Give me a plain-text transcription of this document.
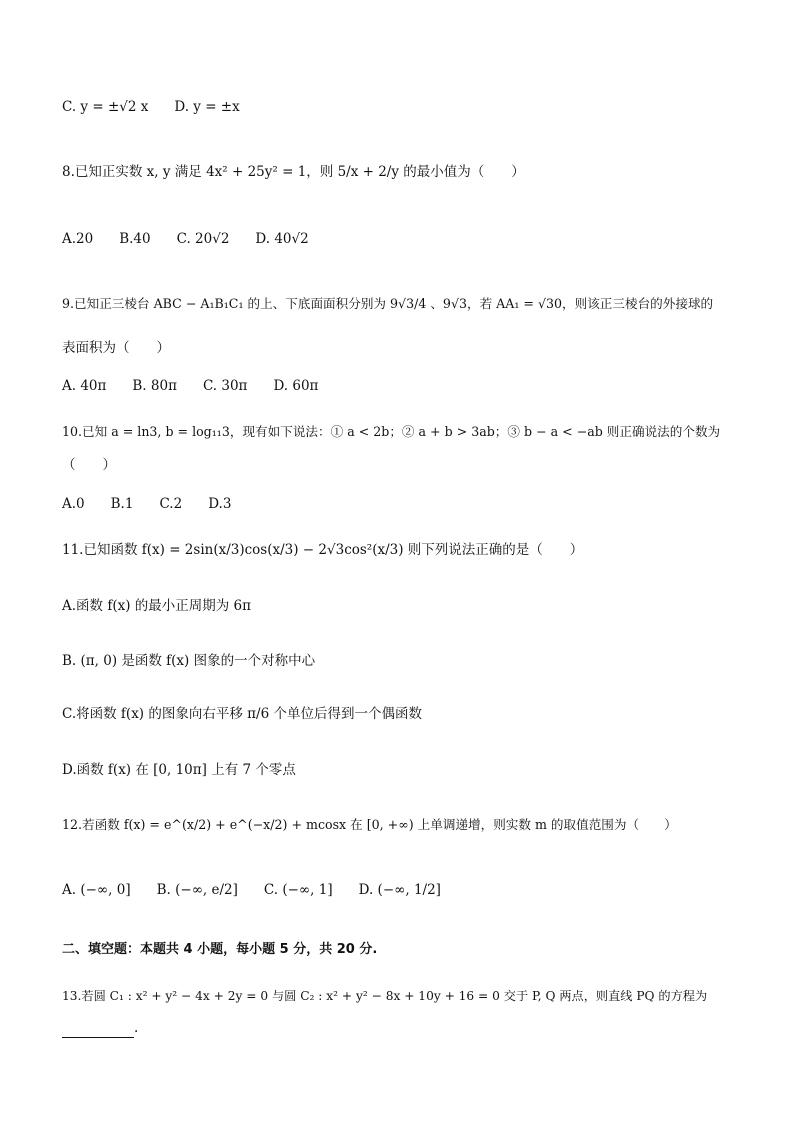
C. y = ±√2 x D. y = ±x
8.已知正实数 x, y 满足 4x² + 25y² = 1，则 5/x + 2/y 的最小值为（　　）
A.20 B.40 C. 20√2 D. 40√2
9.已知正三棱台 ABC − A₁B₁C₁ 的上、下底面面积分别为 9√3/4 、9√3，若 AA₁ = √30，则该正三棱台的外接球的
表面积为（　　）
A. 40π B. 80π C. 30π D. 60π
10.已知 a = ln3, b = log₁₁3，现有如下说法：① a < 2b；② a + b > 3ab；③ b − a < −ab 则正确说法的个数为
（　　）
A.0 B.1 C.2 D.3
11.已知函数 f(x) = 2sin(x/3)cos(x/3) − 2√3cos²(x/3) 则下列说法正确的是（　　）
A.函数 f(x) 的最小正周期为 6π
B. (π, 0) 是函数 f(x) 图象的一个对称中心
C.将函数 f(x) 的图象向右平移 π/6 个单位后得到一个偶函数
D.函数 f(x) 在 [0, 10π] 上有 7 个零点
12.若函数 f(x) = e^(x/2) + e^(−x/2) + mcosx 在 [0, +∞) 上单调递增，则实数 m 的取值范围为（　　）
A. (−∞, 0] B. (−∞, e/2] C. (−∞, 1] D. (−∞, 1/2]
二、填空题：本题共 4 小题，每小题 5 分，共 20 分.
13.若圆 C₁ : x² + y² − 4x + 2y = 0 与圆 C₂ : x² + y² − 8x + 10y + 16 = 0 交于 P, Q 两点，则直线 PQ 的方程为
.
